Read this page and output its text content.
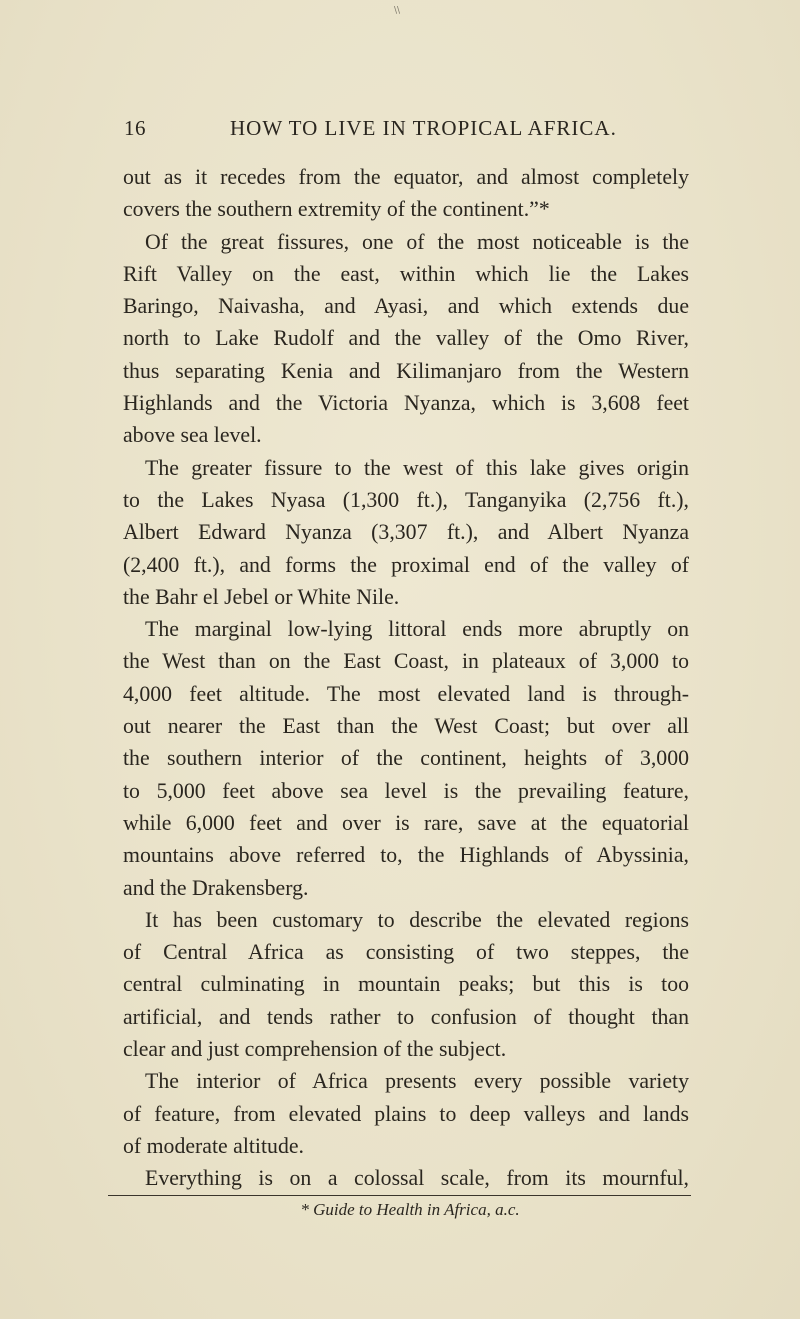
\\
16	HOW TO LIVE IN TROPICAL AFRICA.
out as it recedes from the equator, and almost completely
covers the southern extremity of the continent.”*
Of the great fissures, one of the most noticeable is the
Rift Valley on the east, within which lie the Lakes
Baringo, Naivasha, and Ayasi, and which extends due
north to Lake Rudolf and the valley of the Omo River,
thus separating Kenia and Kilimanjaro from the Western
Highlands and the Victoria Nyanza, which is 3,608 feet
above sea level.
The greater fissure to the west of this lake gives origin
to the Lakes Nyasa (1,300 ft.), Tanganyika (2,756 ft.),
Albert Edward Nyanza (3,307 ft.), and Albert Nyanza
(2,400 ft.), and forms the proximal end of the valley of
the Bahr el Jebel or White Nile.
The marginal low-lying littoral ends more abruptly on
the West than on the East Coast, in plateaux of 3,000 to
4,000 feet altitude. The most elevated land is through-
out nearer the East than the West Coast; but over all
the southern interior of the continent, heights of 3,000
to 5,000 feet above sea level is the prevailing feature,
while 6,000 feet and over is rare, save at the equatorial
mountains above referred to, the Highlands of Abyssinia,
and the Drakensberg.
It has been customary to describe the elevated regions
of Central Africa as consisting of two steppes, the
central culminating in mountain peaks; but this is too
artificial, and tends rather to confusion of thought than
clear and just comprehension of the subject.
The interior of Africa presents every possible variety
of feature, from elevated plains to deep valleys and lands
of moderate altitude.
Everything is on a colossal scale, from its mournful,
* Guide to Health in Africa, a.c.
